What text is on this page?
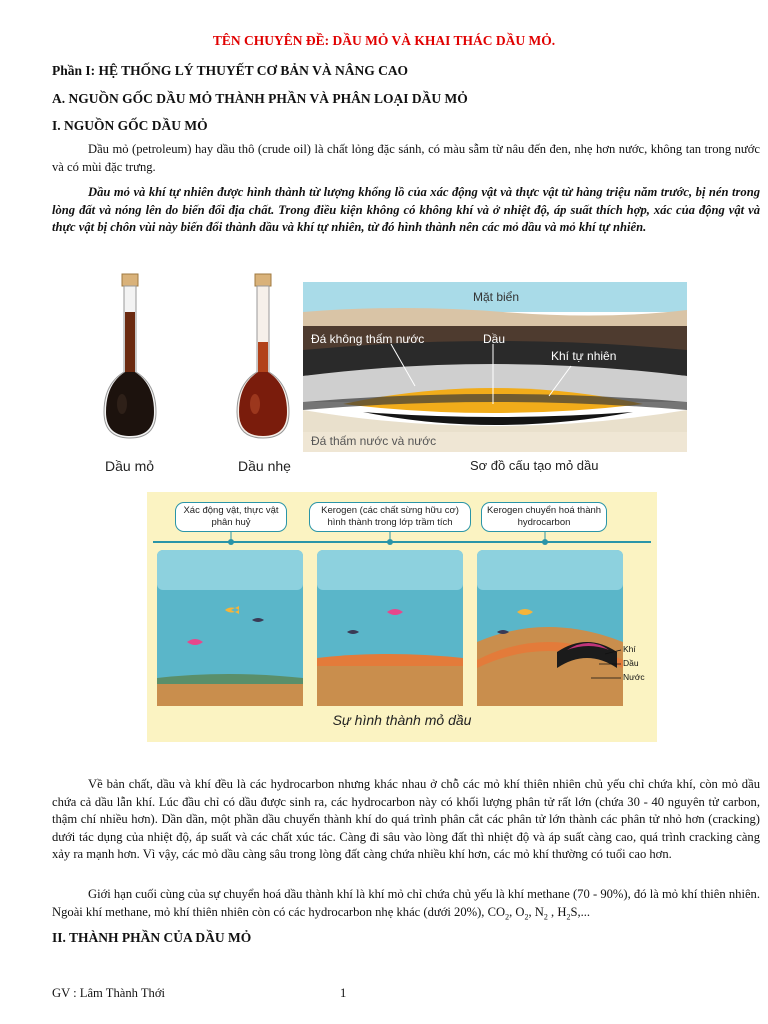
TÊN CHUYÊN ĐỀ: DẦU MỎ VÀ KHAI THÁC DẦU MỎ.

Phần I: HỆ THỐNG LÝ THUYẾT CƠ BẢN VÀ NÂNG CAO

A. NGUỒN GỐC DẦU MỎ THÀNH PHẦN VÀ PHÂN LOẠI DẦU MỎ

I. NGUỒN GỐC DẦU MỎ

Dầu mỏ (petroleum) hay dầu thô (crude oil) là chất lỏng đặc sánh, có màu sẫm từ nâu đến đen, nhẹ hơn nước, không tan trong nước và có mùi đặc trưng.

Dầu mỏ và khí tự nhiên được hình thành từ lượng khổng lồ của xác động vật và thực vật từ hàng triệu năm trước, bị nén trong lòng đất và nóng lên do biến đổi địa chất. Trong điều kiện không có không khí và ở nhiệt độ, áp suất thích hợp, xác của động vật và thực vật bị chôn vùi này biến đổi thành dầu và khí tự nhiên, từ đó hình thành nên các mỏ dầu và mỏ khí tự nhiên.

Dầu mỏ	Dầu nhẹ
Mặt biển
Đá không thấm nước	Dầu
Khí tự nhiên
Đá thấm nước và nước
Sơ đồ cấu tạo mỏ dầu
Xác động vật, thực vật phân huỷ
Kerogen (các chất sừng hữu cơ) hình thành trong lớp trầm tích
Kerogen chuyển hoá thành hydrocarbon
Khí
Dầu
Nước
Sự hình thành mỏ dầu

Về bản chất, dầu và khí đều là các hydrocarbon nhưng khác nhau ở chỗ các mỏ khí thiên nhiên chủ yếu chỉ chứa khí, còn mỏ dầu chứa cả dầu lẫn khí. Lúc đầu chỉ có dầu được sinh ra, các hydrocarbon này có khối lượng phân tử rất lớn (chứa 30 - 40 nguyên tử carbon, thậm chí nhiều hơn). Dần dần, một phần dầu chuyển thành khí do quá trình phân cắt các phân tử lớn thành các phân tử nhỏ hơn (cracking) dưới tác dụng của nhiệt độ, áp suất và các chất xúc tác. Càng đi sâu vào lòng đất thì nhiệt độ và áp suất càng cao, quá trình cracking càng xảy ra mạnh hơn. Vì vậy, các mỏ dầu càng sâu trong lòng đất càng chứa nhiều khí hơn, các mỏ khí thường có tuổi cao hơn.

Giới hạn cuối cùng của sự chuyển hoá dầu thành khí là khí mỏ chỉ chứa chủ yếu là khí methane (70 - 90%), đó là mỏ khí thiên nhiên. Ngoài khí methane, mỏ khí thiên nhiên còn có các hydrocarbon nhẹ khác (dưới 20%), $CO_2$, $O_2$, $N_2$ , $H_2S$,...

II. THÀNH PHẦN CỦA DẦU MỎ

GV : Lâm Thành Thới	1
